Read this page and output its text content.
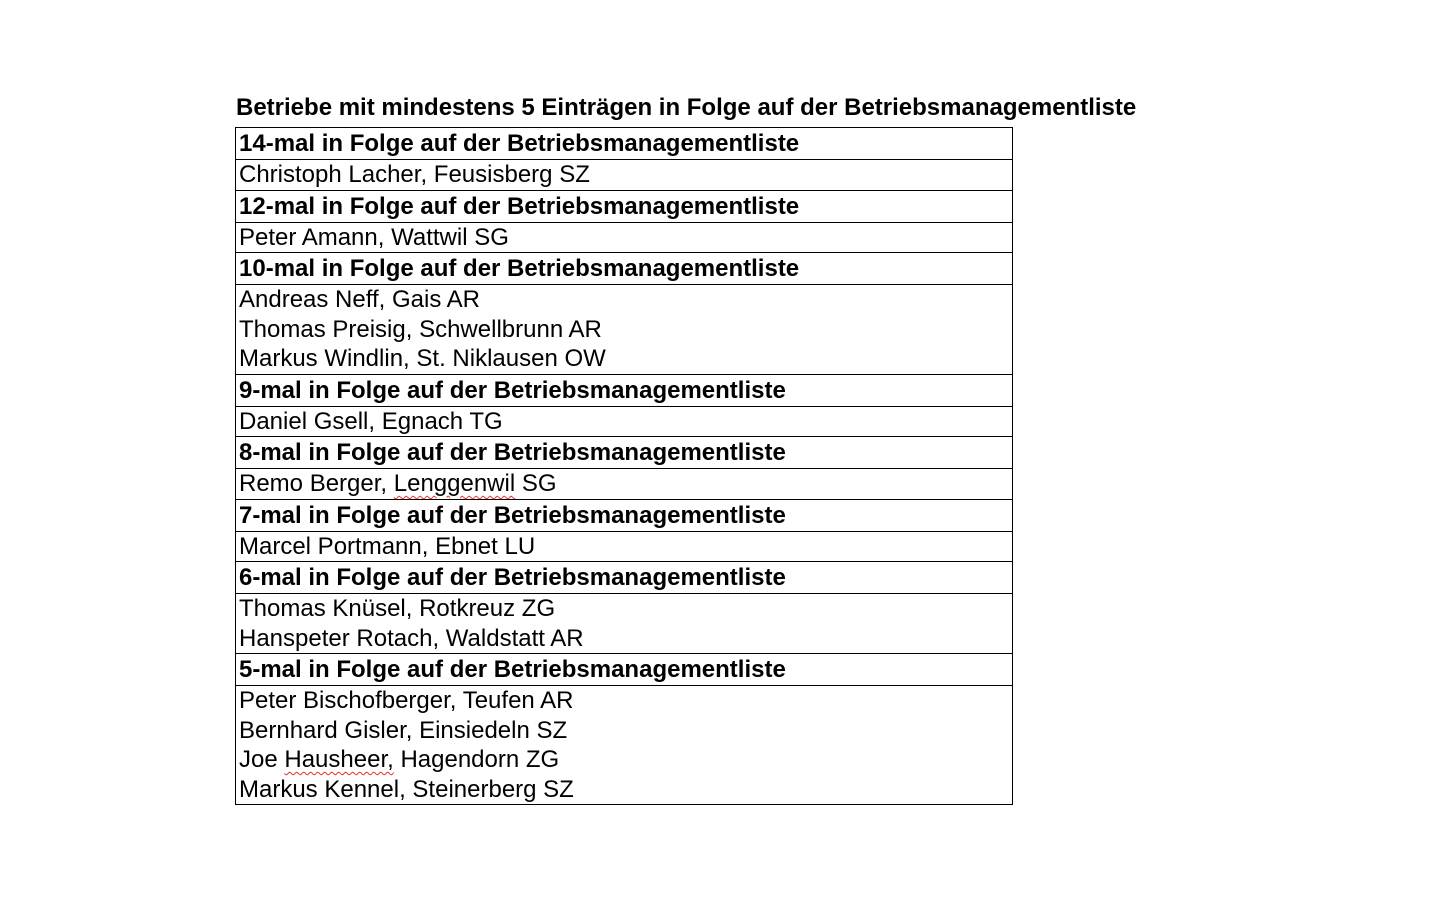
Betriebe mit mindestens 5 Einträgen in Folge auf der Betriebsmanagementliste
14-mal in Folge auf der Betriebsmanagementliste
Christoph Lacher, Feusisberg SZ
12-mal in Folge auf der Betriebsmanagementliste
Peter Amann, Wattwil SG
10-mal in Folge auf der Betriebsmanagementliste
Andreas Neff, Gais AR
Thomas Preisig, Schwellbrunn AR
Markus Windlin, St. Niklausen OW
9-mal in Folge auf der Betriebsmanagementliste
Daniel Gsell, Egnach TG
8-mal in Folge auf der Betriebsmanagementliste
Remo Berger, Lenggenwil SG
7-mal in Folge auf der Betriebsmanagementliste
Marcel Portmann, Ebnet LU
6-mal in Folge auf der Betriebsmanagementliste
Thomas Knüsel, Rotkreuz ZG
Hanspeter Rotach, Waldstatt AR
5-mal in Folge auf der Betriebsmanagementliste
Peter Bischofberger, Teufen AR
Bernhard Gisler, Einsiedeln SZ
Joe Hausheer, Hagendorn ZG
Markus Kennel, Steinerberg SZ
